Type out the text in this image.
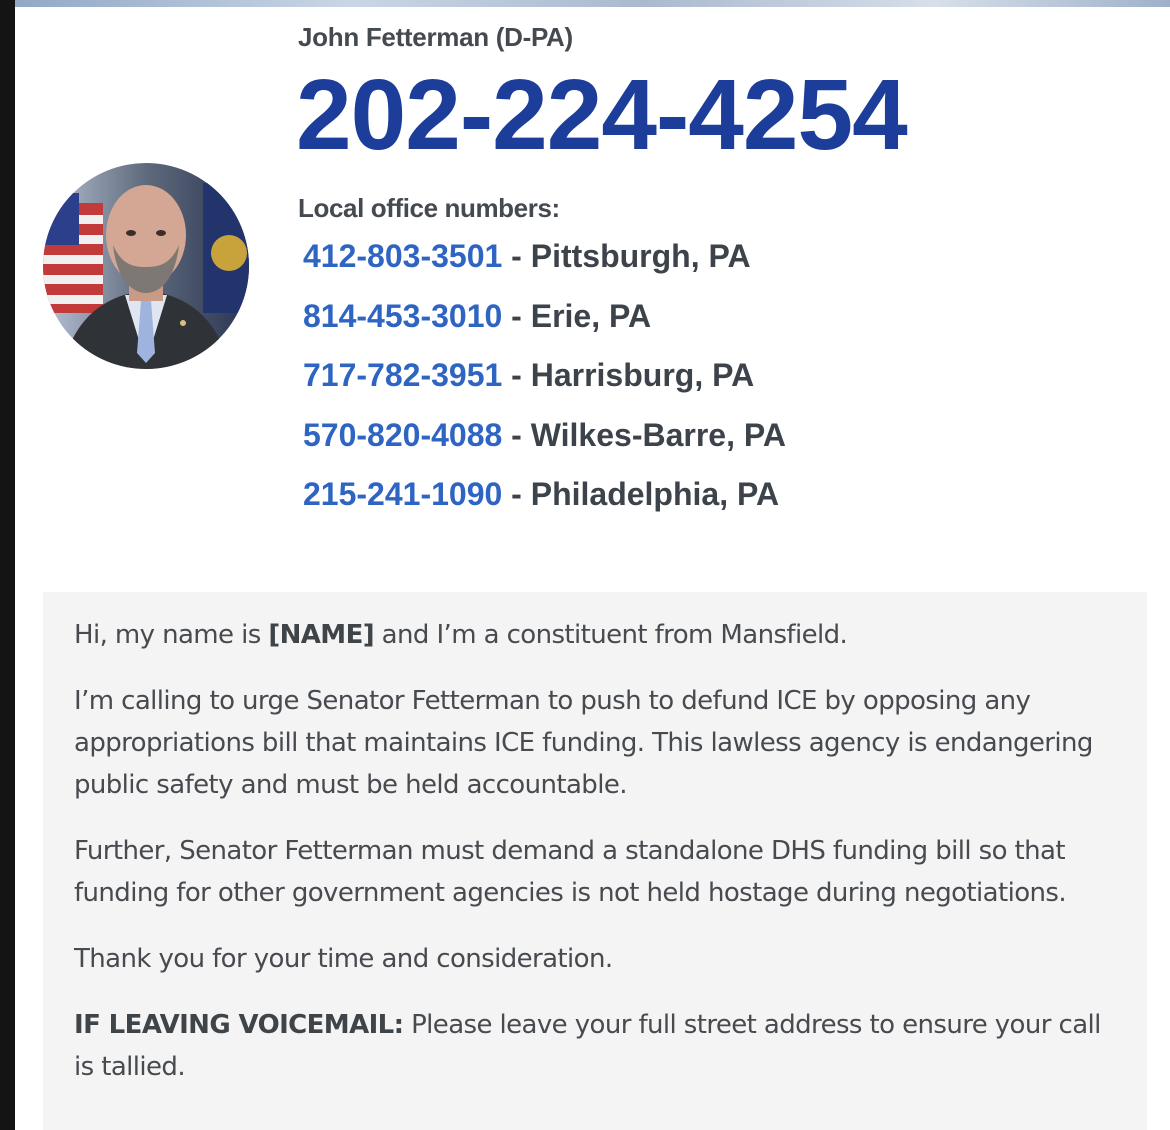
John Fetterman (D-PA)
202-224-4254
Local office numbers:
412-803-3501 - Pittsburgh, PA
814-453-3010 - Erie, PA
717-782-3951 - Harrisburg, PA
570-820-4088 - Wilkes-Barre, PA
215-241-1090 - Philadelphia, PA

Hi, my name is [NAME] and I’m a constituent from Mansfield.

I’m calling to urge Senator Fetterman to push to defund ICE by opposing any appropriations bill that maintains ICE funding. This lawless agency is endangering public safety and must be held accountable.

Further, Senator Fetterman must demand a standalone DHS funding bill so that funding for other government agencies is not held hostage during negotiations.

Thank you for your time and consideration.

IF LEAVING VOICEMAIL: Please leave your full street address to ensure your call is tallied.
